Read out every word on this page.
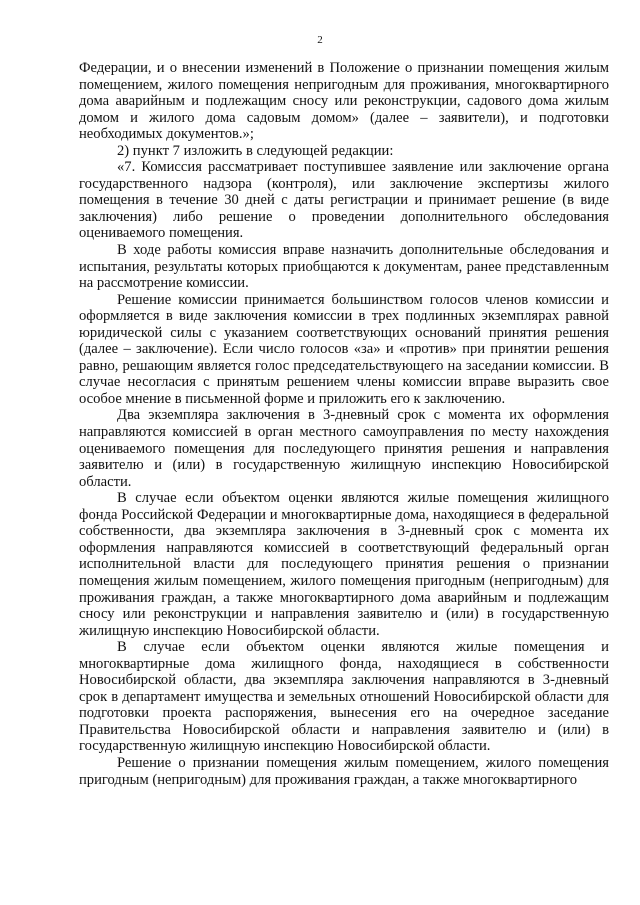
2

Федерации, и о внесении изменений в Положение о признании помещения жилым помещением, жилого помещения непригодным для проживания, многоквартирного дома аварийным и подлежащим сносу или реконструкции, садового дома жилым домом и жилого дома садовым домом» (далее – заявители), и подготовки необходимых документов.»;

2) пункт 7 изложить в следующей редакции:

«7. Комиссия рассматривает поступившее заявление или заключение органа государственного надзора (контроля), или заключение экспертизы жилого помещения в течение 30 дней с даты регистрации и принимает решение (в виде заключения) либо решение о проведении дополнительного обследования оцениваемого помещения.

В ходе работы комиссия вправе назначить дополнительные обследования и испытания, результаты которых приобщаются к документам, ранее представленным на рассмотрение комиссии.

Решение комиссии принимается большинством голосов членов комиссии и оформляется в виде заключения комиссии в трех подлинных экземплярах равной юридической силы с указанием соответствующих оснований принятия решения (далее – заключение). Если число голосов «за» и «против» при принятии решения равно, решающим является голос председательствующего на заседании комиссии. В случае несогласия с принятым решением члены комиссии вправе выразить свое особое мнение в письменной форме и приложить его к заключению.

Два экземпляра заключения в 3-дневный срок с момента их оформления направляются комиссией в орган местного самоуправления по месту нахождения оцениваемого помещения для последующего принятия решения и направления заявителю и (или) в государственную жилищную инспекцию Новосибирской области.

В случае если объектом оценки являются жилые помещения жилищного фонда Российской Федерации и многоквартирные дома, находящиеся в федеральной собственности, два экземпляра заключения в 3-дневный срок с момента их оформления направляются комиссией в соответствующий федеральный орган исполнительной власти для последующего принятия решения о признании помещения жилым помещением, жилого помещения пригодным (непригодным) для проживания граждан, а также многоквартирного дома аварийным и подлежащим сносу или реконструкции и направления заявителю и (или) в государственную жилищную инспекцию Новосибирской области.

В случае если объектом оценки являются жилые помещения и многоквартирные дома жилищного фонда, находящиеся в собственности Новосибирской области, два экземпляра заключения направляются в 3-дневный срок в департамент имущества и земельных отношений Новосибирской области для подготовки проекта распоряжения, вынесения его на очередное заседание Правительства Новосибирской области и направления заявителю и (или) в государственную жилищную инспекцию Новосибирской области.

Решение о признании помещения жилым помещением, жилого помещения пригодным (непригодным) для проживания граждан, а также многоквартирного
